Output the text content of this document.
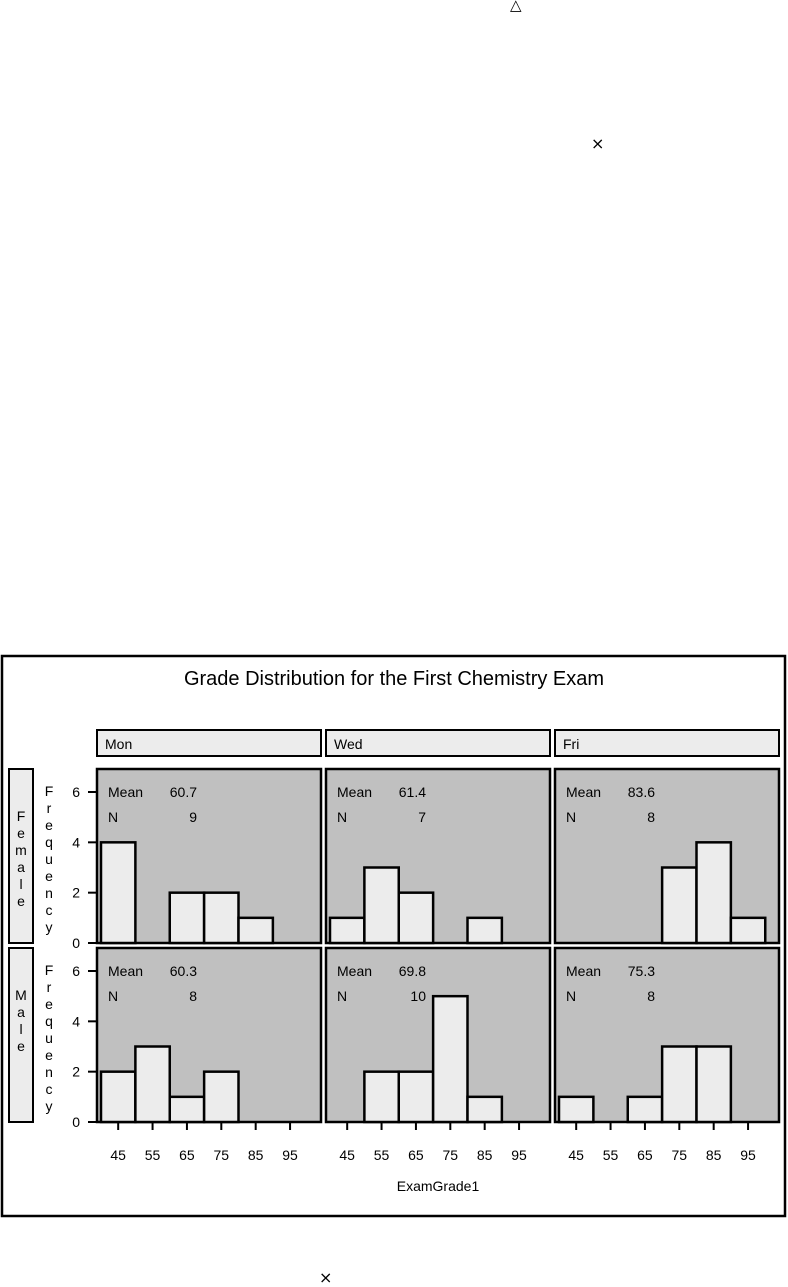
△
×
×
Grade Distribution for the First Chemistry Exam
ExamGrade1
Mon	Wed	Fri
F e m a l e
F r e q u e n c y
0
2
4
6
M a l e
F r e q u e n c y
0
2
4
6
Mean 60.7
N	9
Mean 61.4
N	7
Mean 83.6
N	8
Mean 60.3
N	8
Mean 69.8
N	10
Mean 75.3
N	8
45 55 65 75 85 95	45 55 65 75 85 95	45 55 65 75 85 95
